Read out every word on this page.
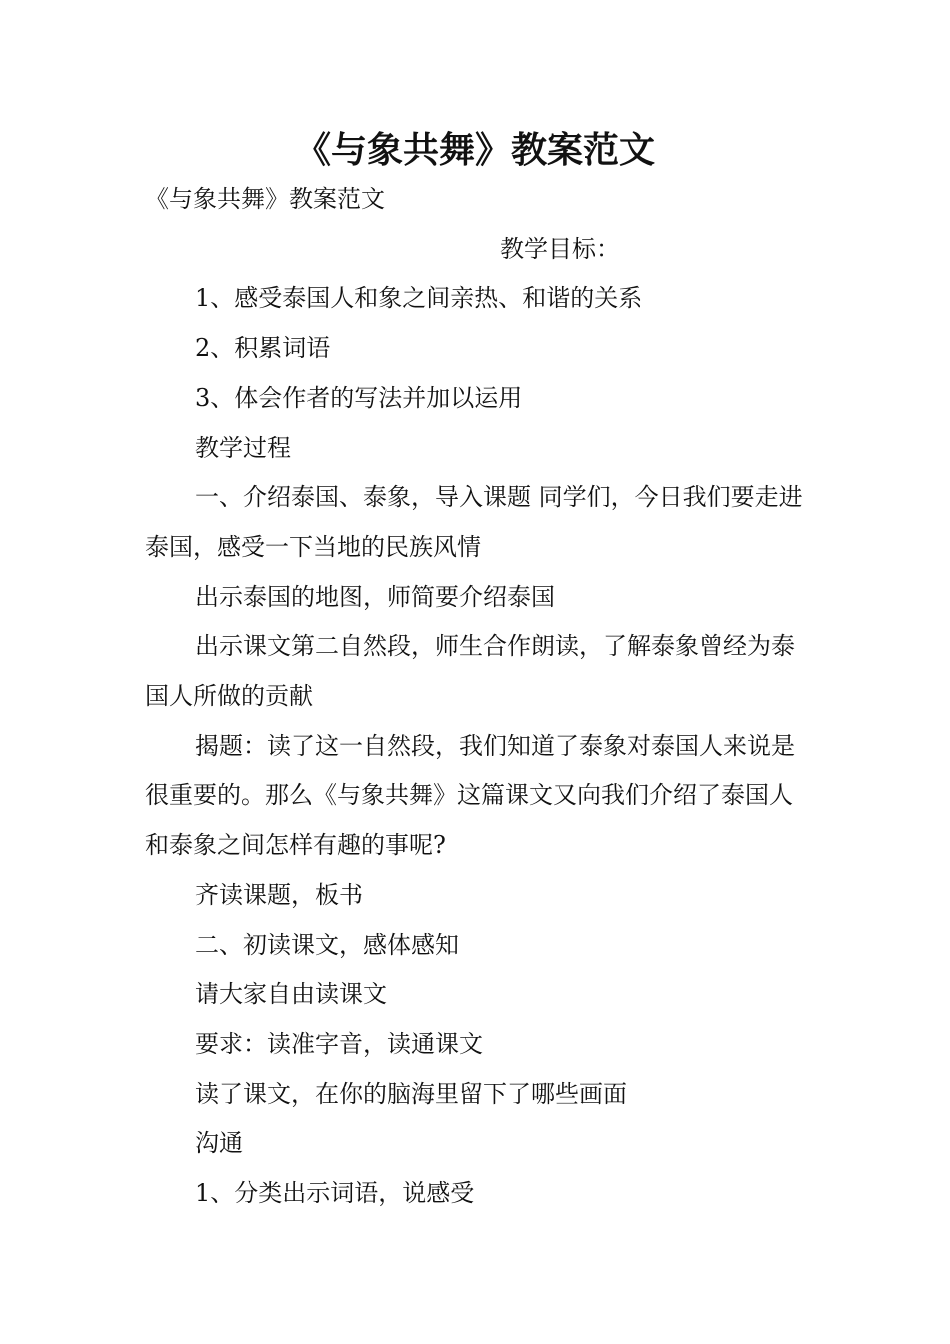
《与象共舞》教案范文

《与象共舞》教案范文

教学目标：

1、感受泰国人和象之间亲热、和谐的关系

2、积累词语

3、体会作者的写法并加以运用

教学过程

一、介绍泰国、泰象，导入课题 同学们，今日我们要走进泰国，感受一下当地的民族风情

出示泰国的地图，师简要介绍泰国

出示课文第二自然段，师生合作朗读，了解泰象曾经为泰国人所做的贡献

揭题：读了这一自然段，我们知道了泰象对泰国人来说是很重要的。那么《与象共舞》这篇课文又向我们介绍了泰国人和泰象之间怎样有趣的事呢?

齐读课题，板书

二、初读课文，感体感知

请大家自由读课文

要求：读准字音，读通课文

读了课文，在你的脑海里留下了哪些画面

沟通

1、分类出示词语，说感受
